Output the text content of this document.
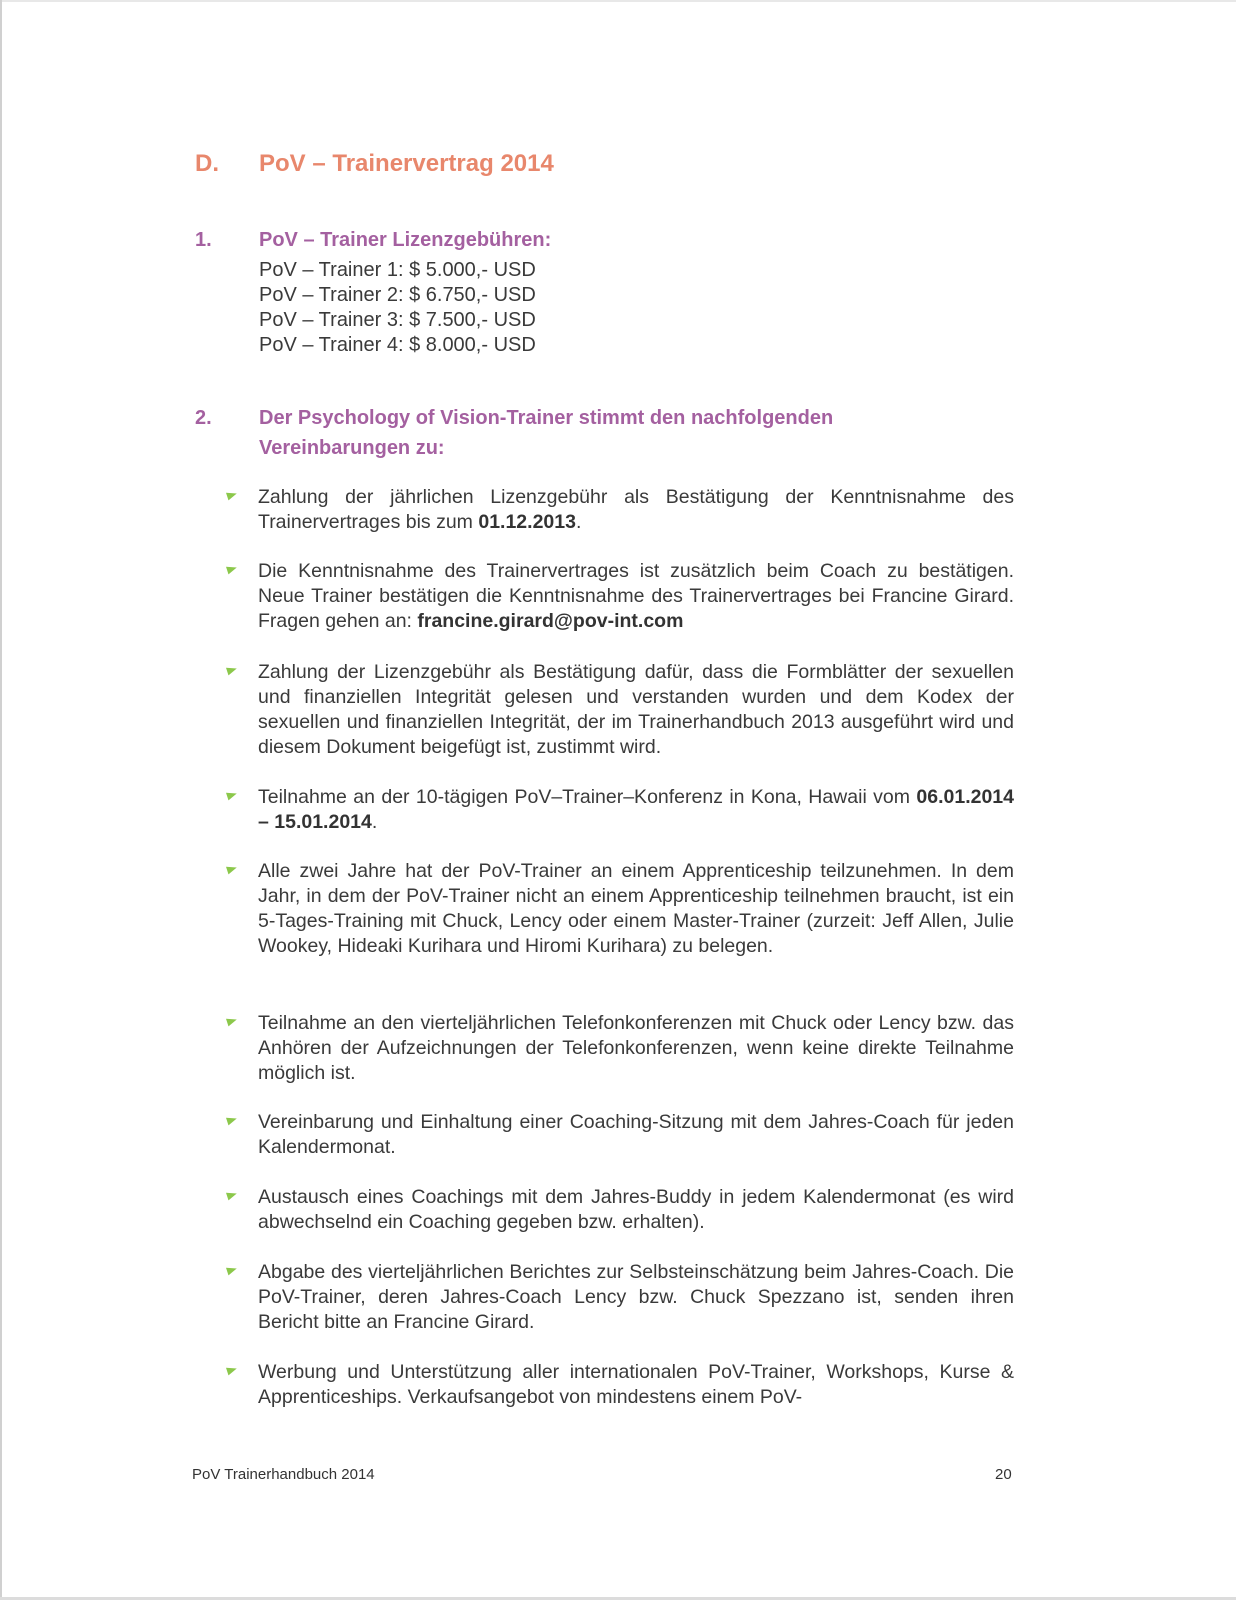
D. PoV – Trainervertrag 2014
1. PoV – Trainer Lizenzgebühren:
PoV – Trainer 1: $ 5.000,- USD
PoV – Trainer 2: $ 6.750,- USD
PoV – Trainer 3: $ 7.500,- USD
PoV – Trainer 4: $ 8.000,- USD
2. Der Psychology of Vision-Trainer stimmt den nachfolgenden
Vereinbarungen zu:
Zahlung der jährlichen Lizenzgebühr als Bestätigung der Kenntnisnahme des Trainervertrages bis zum 01.12.2013.
Die Kenntnisnahme des Trainervertrages ist zusätzlich beim Coach zu bestätigen. Neue Trainer bestätigen die Kenntnisnahme des Trainervertrages bei Francine Girard. Fragen gehen an: francine.girard@pov-int.com
Zahlung der Lizenzgebühr als Bestätigung dafür, dass die Formblätter der sexuellen und finanziellen Integrität gelesen und verstanden wurden und dem Kodex der sexuellen und finanziellen Integrität, der im Trainerhandbuch 2013 ausgeführt wird und diesem Dokument beigefügt ist, zustimmt wird.
Teilnahme an der 10-tägigen PoV–Trainer–Konferenz in Kona, Hawaii vom 06.01.2014 – 15.01.2014.
Alle zwei Jahre hat der PoV-Trainer an einem Apprenticeship teilzunehmen. In dem Jahr, in dem der PoV-Trainer nicht an einem Apprenticeship teilnehmen braucht, ist ein 5-Tages-Training mit Chuck, Lency oder einem Master-Trainer (zurzeit: Jeff Allen, Julie Wookey, Hideaki Kurihara und Hiromi Kurihara) zu belegen.
Teilnahme an den vierteljährlichen Telefonkonferenzen mit Chuck oder Lency bzw. das Anhören der Aufzeichnungen der Telefonkonferenzen, wenn keine direkte Teilnahme möglich ist.
Vereinbarung und Einhaltung einer Coaching-Sitzung mit dem Jahres-Coach für jeden Kalendermonat.
Austausch eines Coachings mit dem Jahres-Buddy in jedem Kalendermonat (es wird abwechselnd ein Coaching gegeben bzw. erhalten).
Abgabe des vierteljährlichen Berichtes zur Selbsteinschätzung beim Jahres-Coach. Die PoV-Trainer, deren Jahres-Coach Lency bzw. Chuck Spezzano ist, senden ihren Bericht bitte an Francine Girard.
Werbung und Unterstützung aller internationalen PoV-Trainer, Workshops, Kurse & Apprenticeships. Verkaufsangebot von mindestens einem PoV-
PoV Trainerhandbuch 2014	20
